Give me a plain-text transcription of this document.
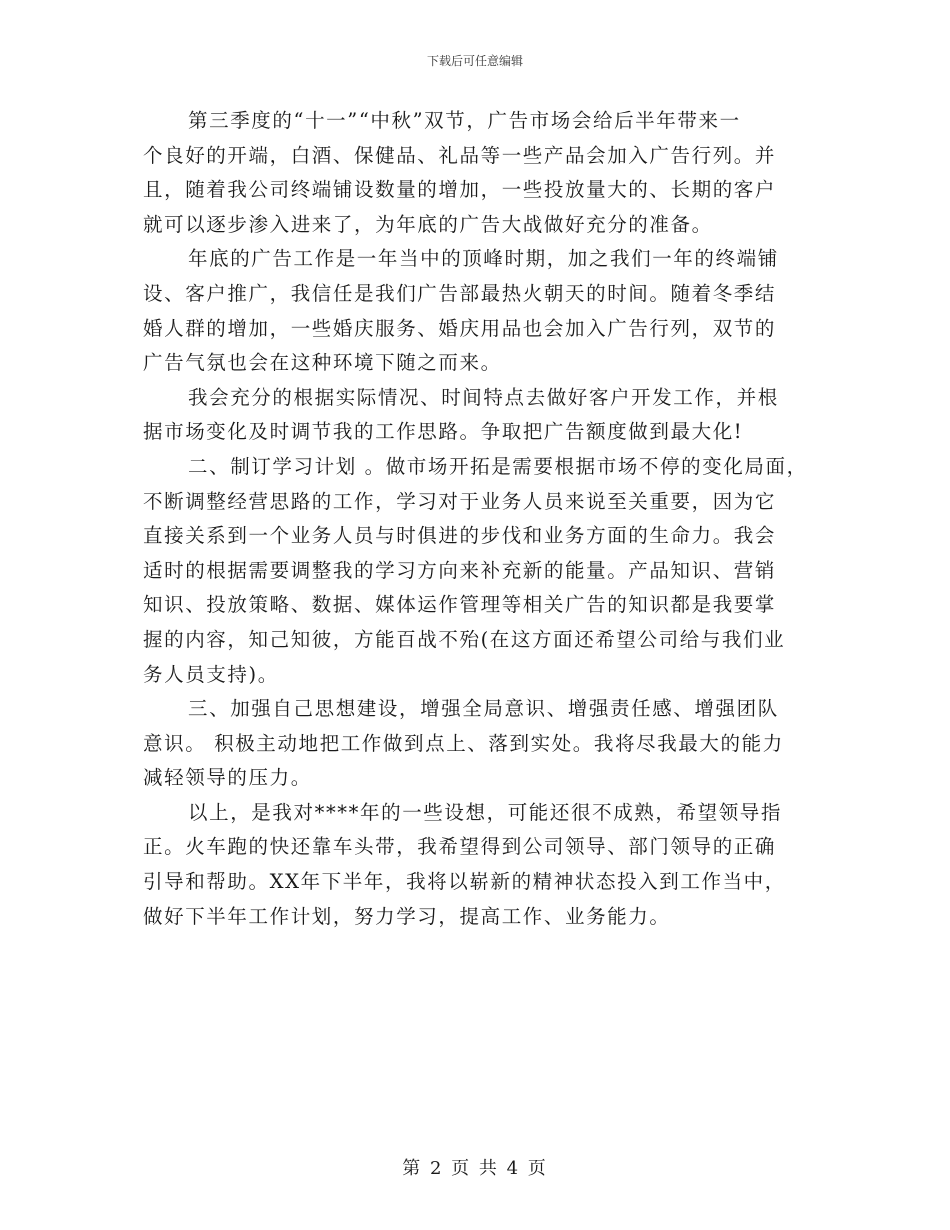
下载后可任意编辑
第三季度的“十一”“中秋”双节，广告市场会给后半年带来一
个良好的开端，白酒、保健品、礼品等一些产品会加入广告行列。并
且，随着我公司终端铺设数量的增加，一些投放量大的、长期的客户
就可以逐步渗入进来了，为年底的广告大战做好充分的准备。
年底的广告工作是一年当中的顶峰时期，加之我们一年的终端铺
设、客户推广，我信任是我们广告部最热火朝天的时间。随着冬季结
婚人群的增加，一些婚庆服务、婚庆用品也会加入广告行列，双节的
广告气氛也会在这种环境下随之而来。
我会充分的根据实际情况、时间特点去做好客户开发工作，并根
据市场变化及时调节我的工作思路。争取把广告额度做到最大化!
二、制订学习计划 。做市场开拓是需要根据市场不停的变化局面，
不断调整经营思路的工作，学习对于业务人员来说至关重要，因为它
直接关系到一个业务人员与时俱进的步伐和业务方面的生命力。我会
适时的根据需要调整我的学习方向来补充新的能量。产品知识、营销
知识、投放策略、数据、媒体运作管理等相关广告的知识都是我要掌
握的内容，知己知彼，方能百战不殆(在这方面还希望公司给与我们业
务人员支持)。
三、加强自己思想建设，增强全局意识、增强责任感、增强团队
意识。 积极主动地把工作做到点上、落到实处。我将尽我最大的能力
减轻领导的压力。
以上，是我对****年的一些设想，可能还很不成熟，希望领导指
正。火车跑的快还靠车头带，我希望得到公司领导、部门领导的正确
引导和帮助。XX年下半年，我将以崭新的精神状态投入到工作当中，
做好下半年工作计划，努力学习，提高工作、业务能力。
第 2 页 共 4 页
